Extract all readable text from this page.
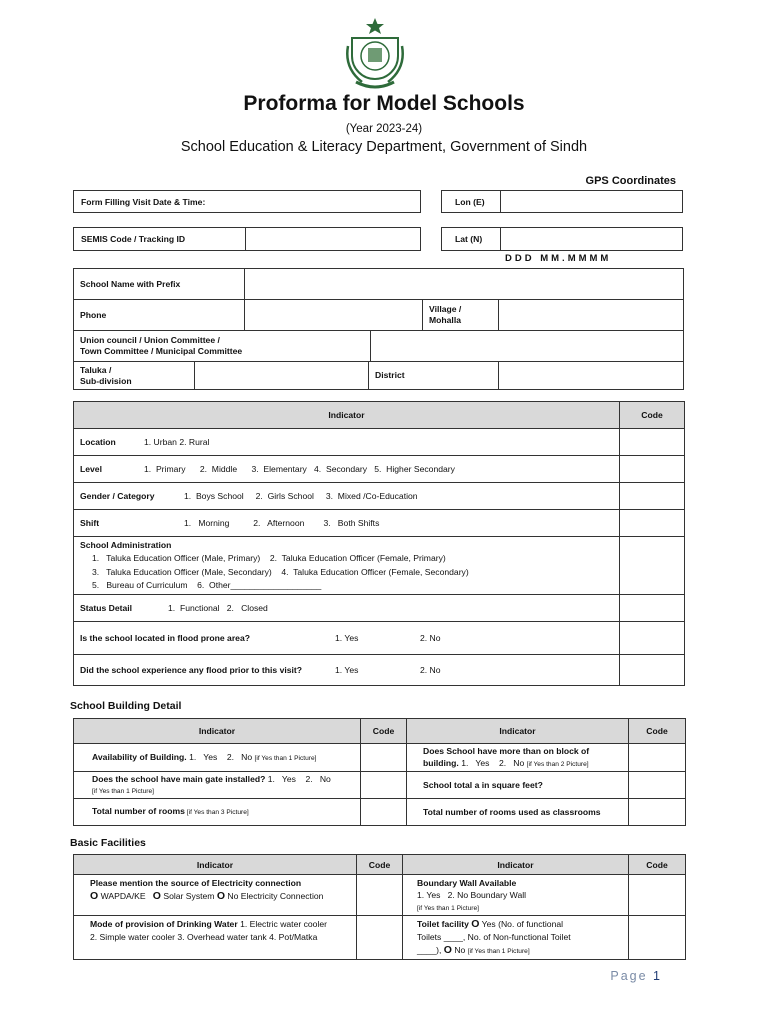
Proforma for Model Schools
(Year 2023-24)
School Education & Literacy Department, Government of Sindh
GPS Coordinates
Form Filling Visit Date & Time:	Lon (E)
SEMIS Code / Tracking ID	Lat (N)
DDD MM.MMMM
School Name with Prefix			
Phone		Village /
Mohalla	
Union council / Union Committee /
Town Committee / Municipal Committee	
Taluka /
Sub-division		District	
Indicator	Code
Location 1. Urban 2. Rural	
Level 1.  Primary      2.  Middle      3.  Elementary   4.  Secondary   5.  Higher Secondary	
Gender / Category 1.  Boys School     2.  Girls School     3.  Mixed /Co-Education	
Shift 1.   Morning          2.   Afternoon        3.   Both Shifts	
School Administration
1.   Taluka Education Officer (Male, Primary)    2.  Taluka Education Officer (Female, Primary)
3.   Taluka Education Officer (Male, Secondary)    4.  Taluka Education Officer (Female, Secondary)
5.   Bureau of Curriculum    6.  Other___________________	
Status Detail 1.  Functional   2.   Closed	
Is the school located in flood prone area? 1. Yes 2. No	
Did the school experience any flood prior to this visit? 1. Yes 2. No	
School Building Detail
Indicator	Code	Indicator	Code
Availability of Building. 1.   Yes    2.   No [if Yes than 1 Picture]		Does School have more than on block of
building. 1.   Yes    2.   No [if Yes than 2 Picture]	
Does the school have main gate installed? 1.   Yes    2.   No
[if Yes than 1 Picture]		School total a in square feet?	
Total number of rooms [if Yes than 3 Picture]		Total number of rooms used as classrooms	
Basic Facilities
Indicator	Code	Indicator	Code
Please mention the source of Electricity connection
O WAPDA/KE O Solar System O No Electricity Connection		Boundary Wall Available
1. Yes   2. No Boundary Wall
[if Yes than 1 Picture]	
Mode of provision of Drinking Water 1. Electric water cooler
2. Simple water cooler 3. Overhead water tank 4. Pot/Matka		Toilet facility O Yes (No. of functional
Toilets ____, No. of Non-functional Toilet
____), O No [if Yes than 1 Picture]	
Page 1
